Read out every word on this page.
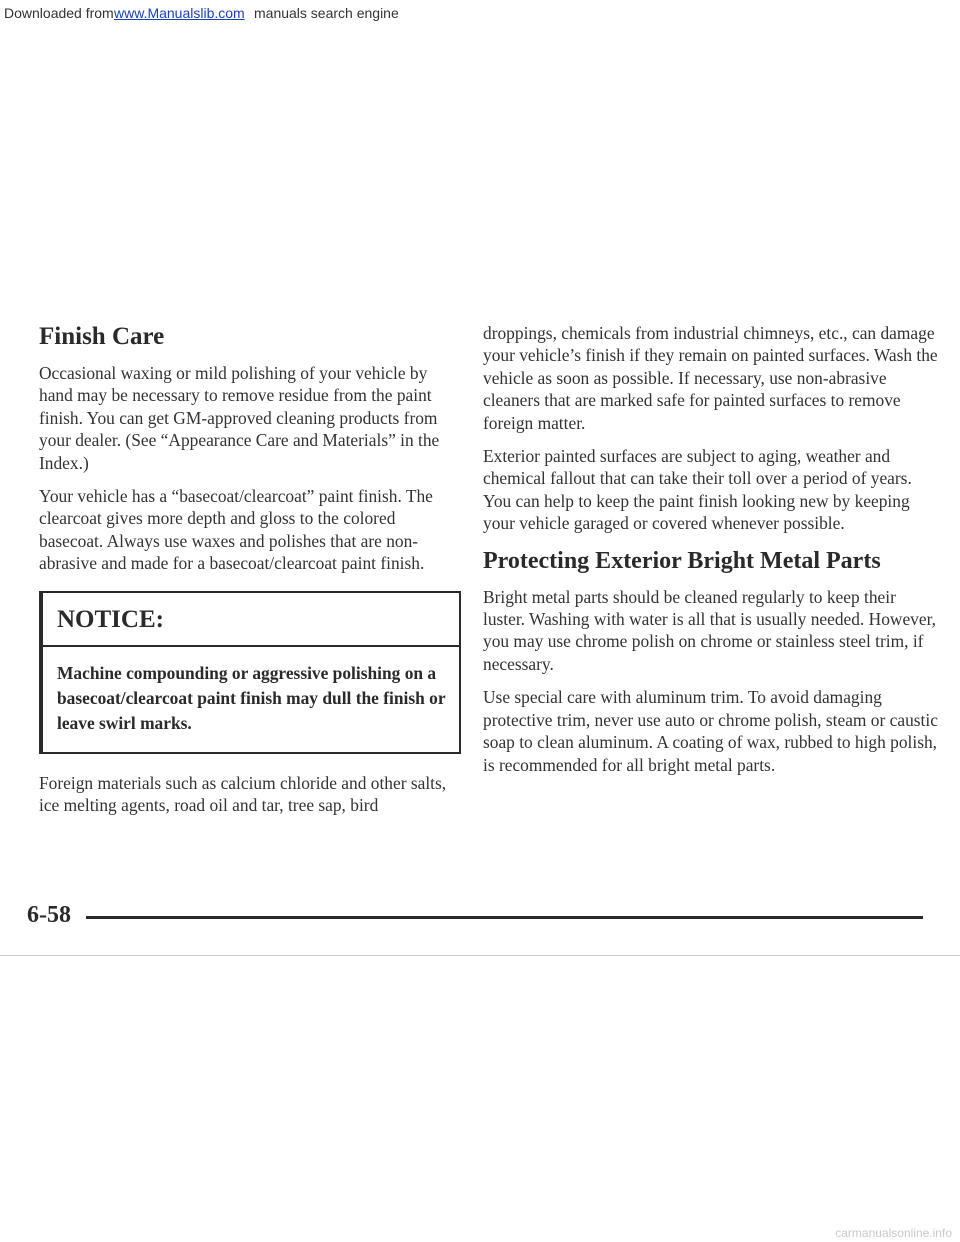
Downloaded from www.Manualslib.com manuals search engine
Finish Care

Occasional waxing or mild polishing of your vehicle by hand may be necessary to remove residue from the paint finish. You can get GM-approved cleaning products from your dealer. (See “Appearance Care and Materials” in the Index.)

Your vehicle has a “basecoat/clearcoat” paint finish. The clearcoat gives more depth and gloss to the colored basecoat. Always use waxes and polishes that are non-abrasive and made for a basecoat/clearcoat paint finish.

NOTICE:
Machine compounding or aggressive polishing on a basecoat/clearcoat paint finish may dull the finish or leave swirl marks.

Foreign materials such as calcium chloride and other salts, ice melting agents, road oil and tar, tree sap, bird

droppings, chemicals from industrial chimneys, etc., can damage your vehicle’s finish if they remain on painted surfaces. Wash the vehicle as soon as possible. If necessary, use non-abrasive cleaners that are marked safe for painted surfaces to remove foreign matter.

Exterior painted surfaces are subject to aging, weather and chemical fallout that can take their toll over a period of years. You can help to keep the paint finish looking new by keeping your vehicle garaged or covered whenever possible.

Protecting Exterior Bright Metal Parts

Bright metal parts should be cleaned regularly to keep their luster. Washing with water is all that is usually needed. However, you may use chrome polish on chrome or stainless steel trim, if necessary.

Use special care with aluminum trim. To avoid damaging protective trim, never use auto or chrome polish, steam or caustic soap to clean aluminum. A coating of wax, rubbed to high polish, is recommended for all bright metal parts.

6-58
carmanualsonline.info
